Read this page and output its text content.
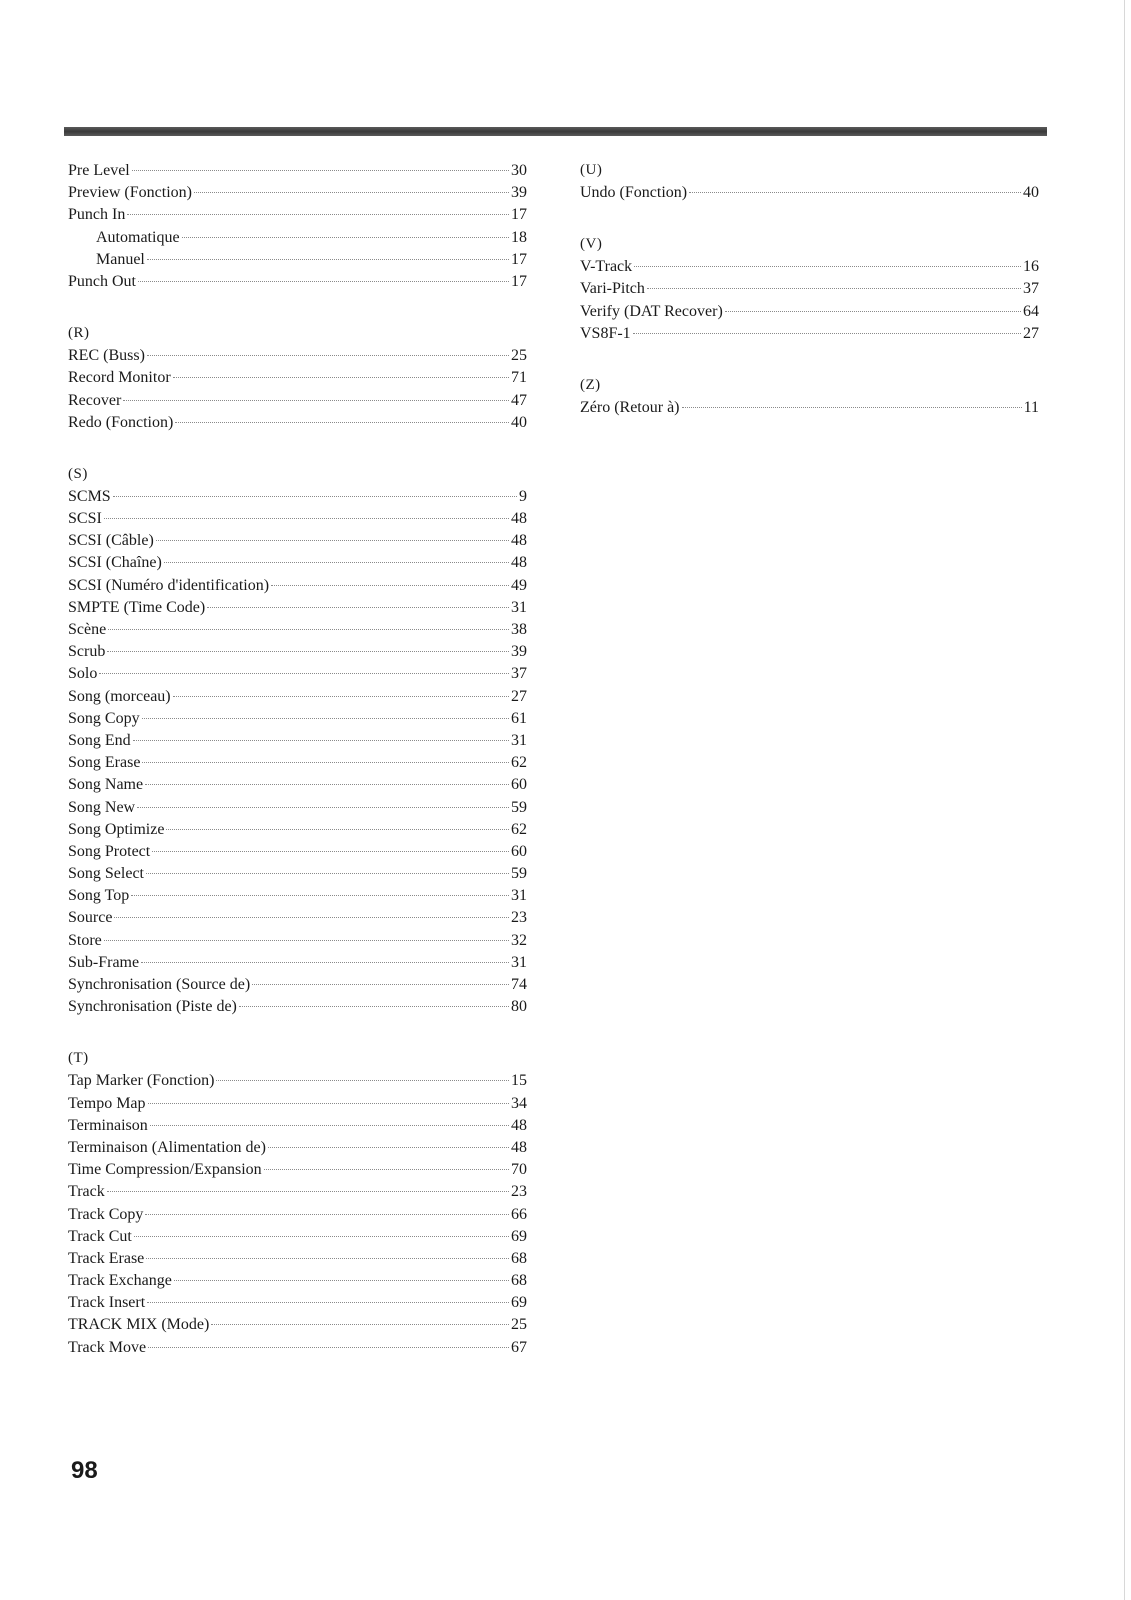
Pre Level	30
Preview (Fonction)	39
Punch In	17
Automatique	18
Manuel	17
Punch Out	17
(R)
REC (Buss)	25
Record Monitor	71
Recover	47
Redo (Fonction)	40
(S)
SCMS	9
SCSI	48
SCSI (Câble)	48
SCSI (Chaîne)	48
SCSI (Numéro d'identification)	49
SMPTE (Time Code)	31
Scène	38
Scrub	39
Solo	37
Song (morceau)	27
Song Copy	61
Song End	31
Song Erase	62
Song Name	60
Song New	59
Song Optimize	62
Song Protect	60
Song Select	59
Song Top	31
Source	23
Store	32
Sub-Frame	31
Synchronisation (Source de)	74
Synchronisation (Piste de)	80
(T)
Tap Marker (Fonction)	15
Tempo Map	34
Terminaison	48
Terminaison (Alimentation de)	48
Time Compression/Expansion	70
Track	23
Track Copy	66
Track Cut	69
Track Erase	68
Track Exchange	68
Track Insert	69
TRACK MIX (Mode)	25
Track Move	67
(U)
Undo (Fonction)	40
(V)
V-Track	16
Vari-Pitch	37
Verify (DAT Recover)	64
VS8F-1	27
(Z)
Zéro (Retour à)	11
98
